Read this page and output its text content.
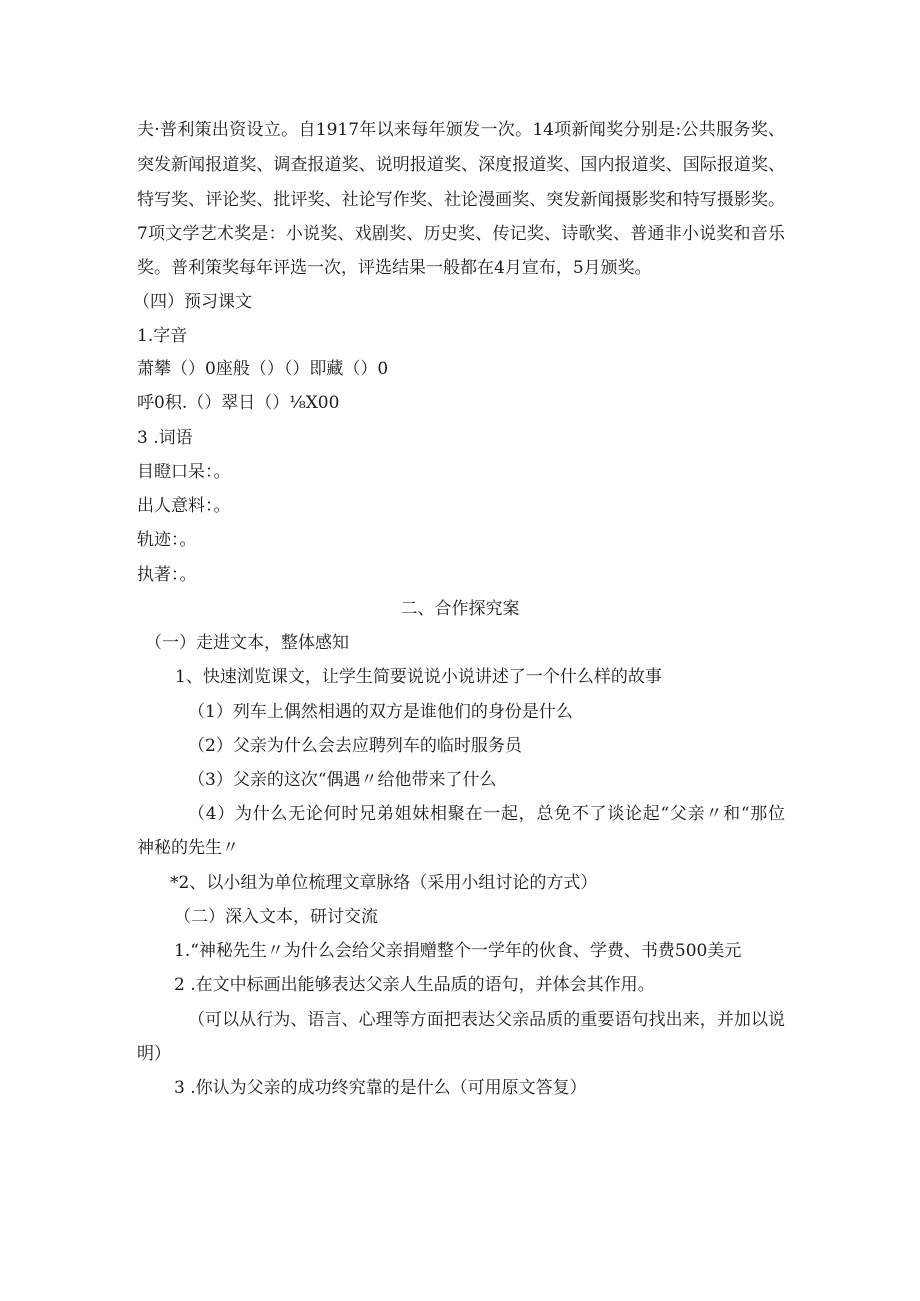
夫·普利策出资设立。自1917年以来每年颁发一次。14项新闻奖分别是:公共服务奖、

突发新闻报道奖、调查报道奖、说明报道奖、深度报道奖、国内报道奖、国际报道奖、

特写奖、评论奖、批评奖、社论写作奖、社论漫画奖、突发新闻摄影奖和特写摄影奖。

7项文学艺术奖是：小说奖、戏剧奖、历史奖、传记奖、诗歌奖、普通非小说奖和音乐

奖。普利策奖每年评选一次，评选结果一般都在4月宣布，5月颁奖。

（四）预习课文

1.字音

萧攀（）0座般（）（）即藏（）0

呼0积.（）翠日（）⅛X00

3 .词语

目瞪口呆：。

出人意料：。

轨迹：。

执著：。

二、合作探究案

（一）走进文本，整体感知

1、快速浏览课文，让学生简要说说小说讲述了一个什么样的故事

（1）列车上偶然相遇的双方是谁他们的身份是什么

（2）父亲为什么会去应聘列车的临时服务员

（3）父亲的这次“偶遇〃给他带来了什么

（4）为什么无论何时兄弟姐妹相聚在一起，总免不了谈论起“父亲〃和“那位

神秘的先生〃

*2、以小组为单位梳理文章脉络（采用小组讨论的方式）

（二）深入文本，研讨交流

1.“神秘先生〃为什么会给父亲捐赠整个一学年的伙食、学费、书费500美元

2 .在文中标画出能够表达父亲人生品质的语句，并体会其作用。

（可以从行为、语言、心理等方面把表达父亲品质的重要语句找出来，并加以说

明）

3 .你认为父亲的成功终究靠的是什么（可用原文答复）
